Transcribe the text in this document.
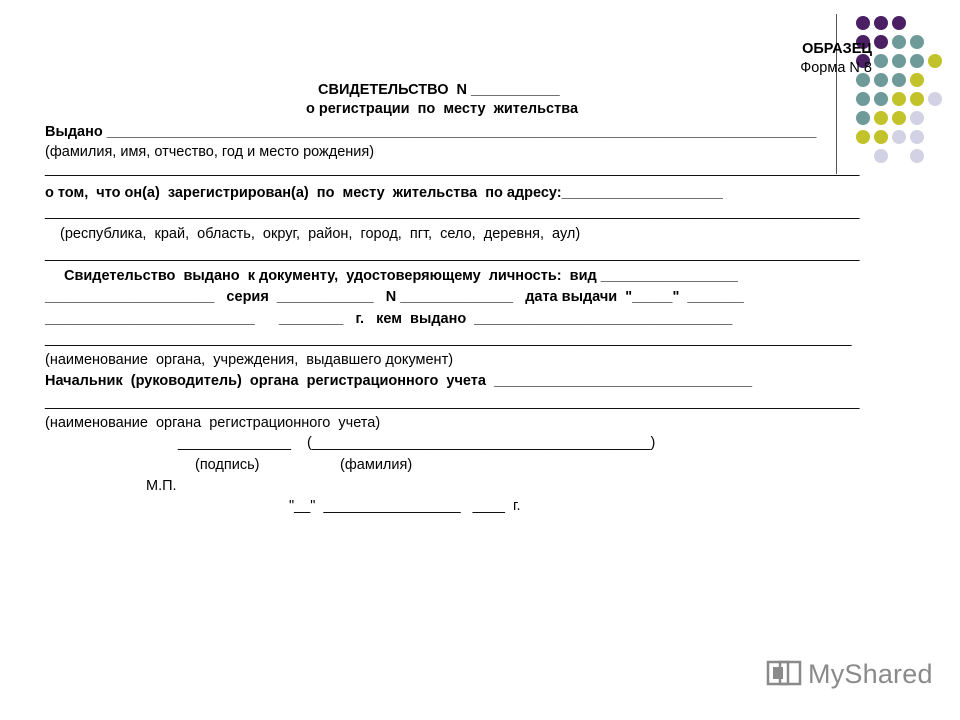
ОБРАЗЕЦ
Форма N 8
СВИДЕТЕЛЬСТВО  N ___________
о регистрации  по  месту  жительства
Выдано ________________________________________________________________________________________
(фамилия, имя, отчество, год и место рождения)
_____________________________________________________________________________________________________
о том,  что он(а)  зарегистрирован(а)  по  месту  жительства  по адресу:____________________
_____________________________________________________________________________________________________
(республика,  край,  область,  округ,  район,  город,  пгт,  село,  деревня,  аул)
_____________________________________________________________________________________________________
Свидетельство  выдано  к документу,  удостоверяющему  личность:  вид _________________
_____________________   серия  ____________   N ______________   дата выдачи  "_____"  _______
__________________________      ________   г.   кем  выдано  ________________________________
____________________________________________________________________________________________________
(наименование  органа,  учреждения,  выдавшего документ)
Начальник  (руководитель)  органа  регистрационного  учета  ________________________________
_____________________________________________________________________________________________________
(наименование  органа  регистрационного  учета)
______________    (__________________________________________)
(подпись)                    (фамилия)
М.П.
"__"  _________________   ____  г.
MyShared
